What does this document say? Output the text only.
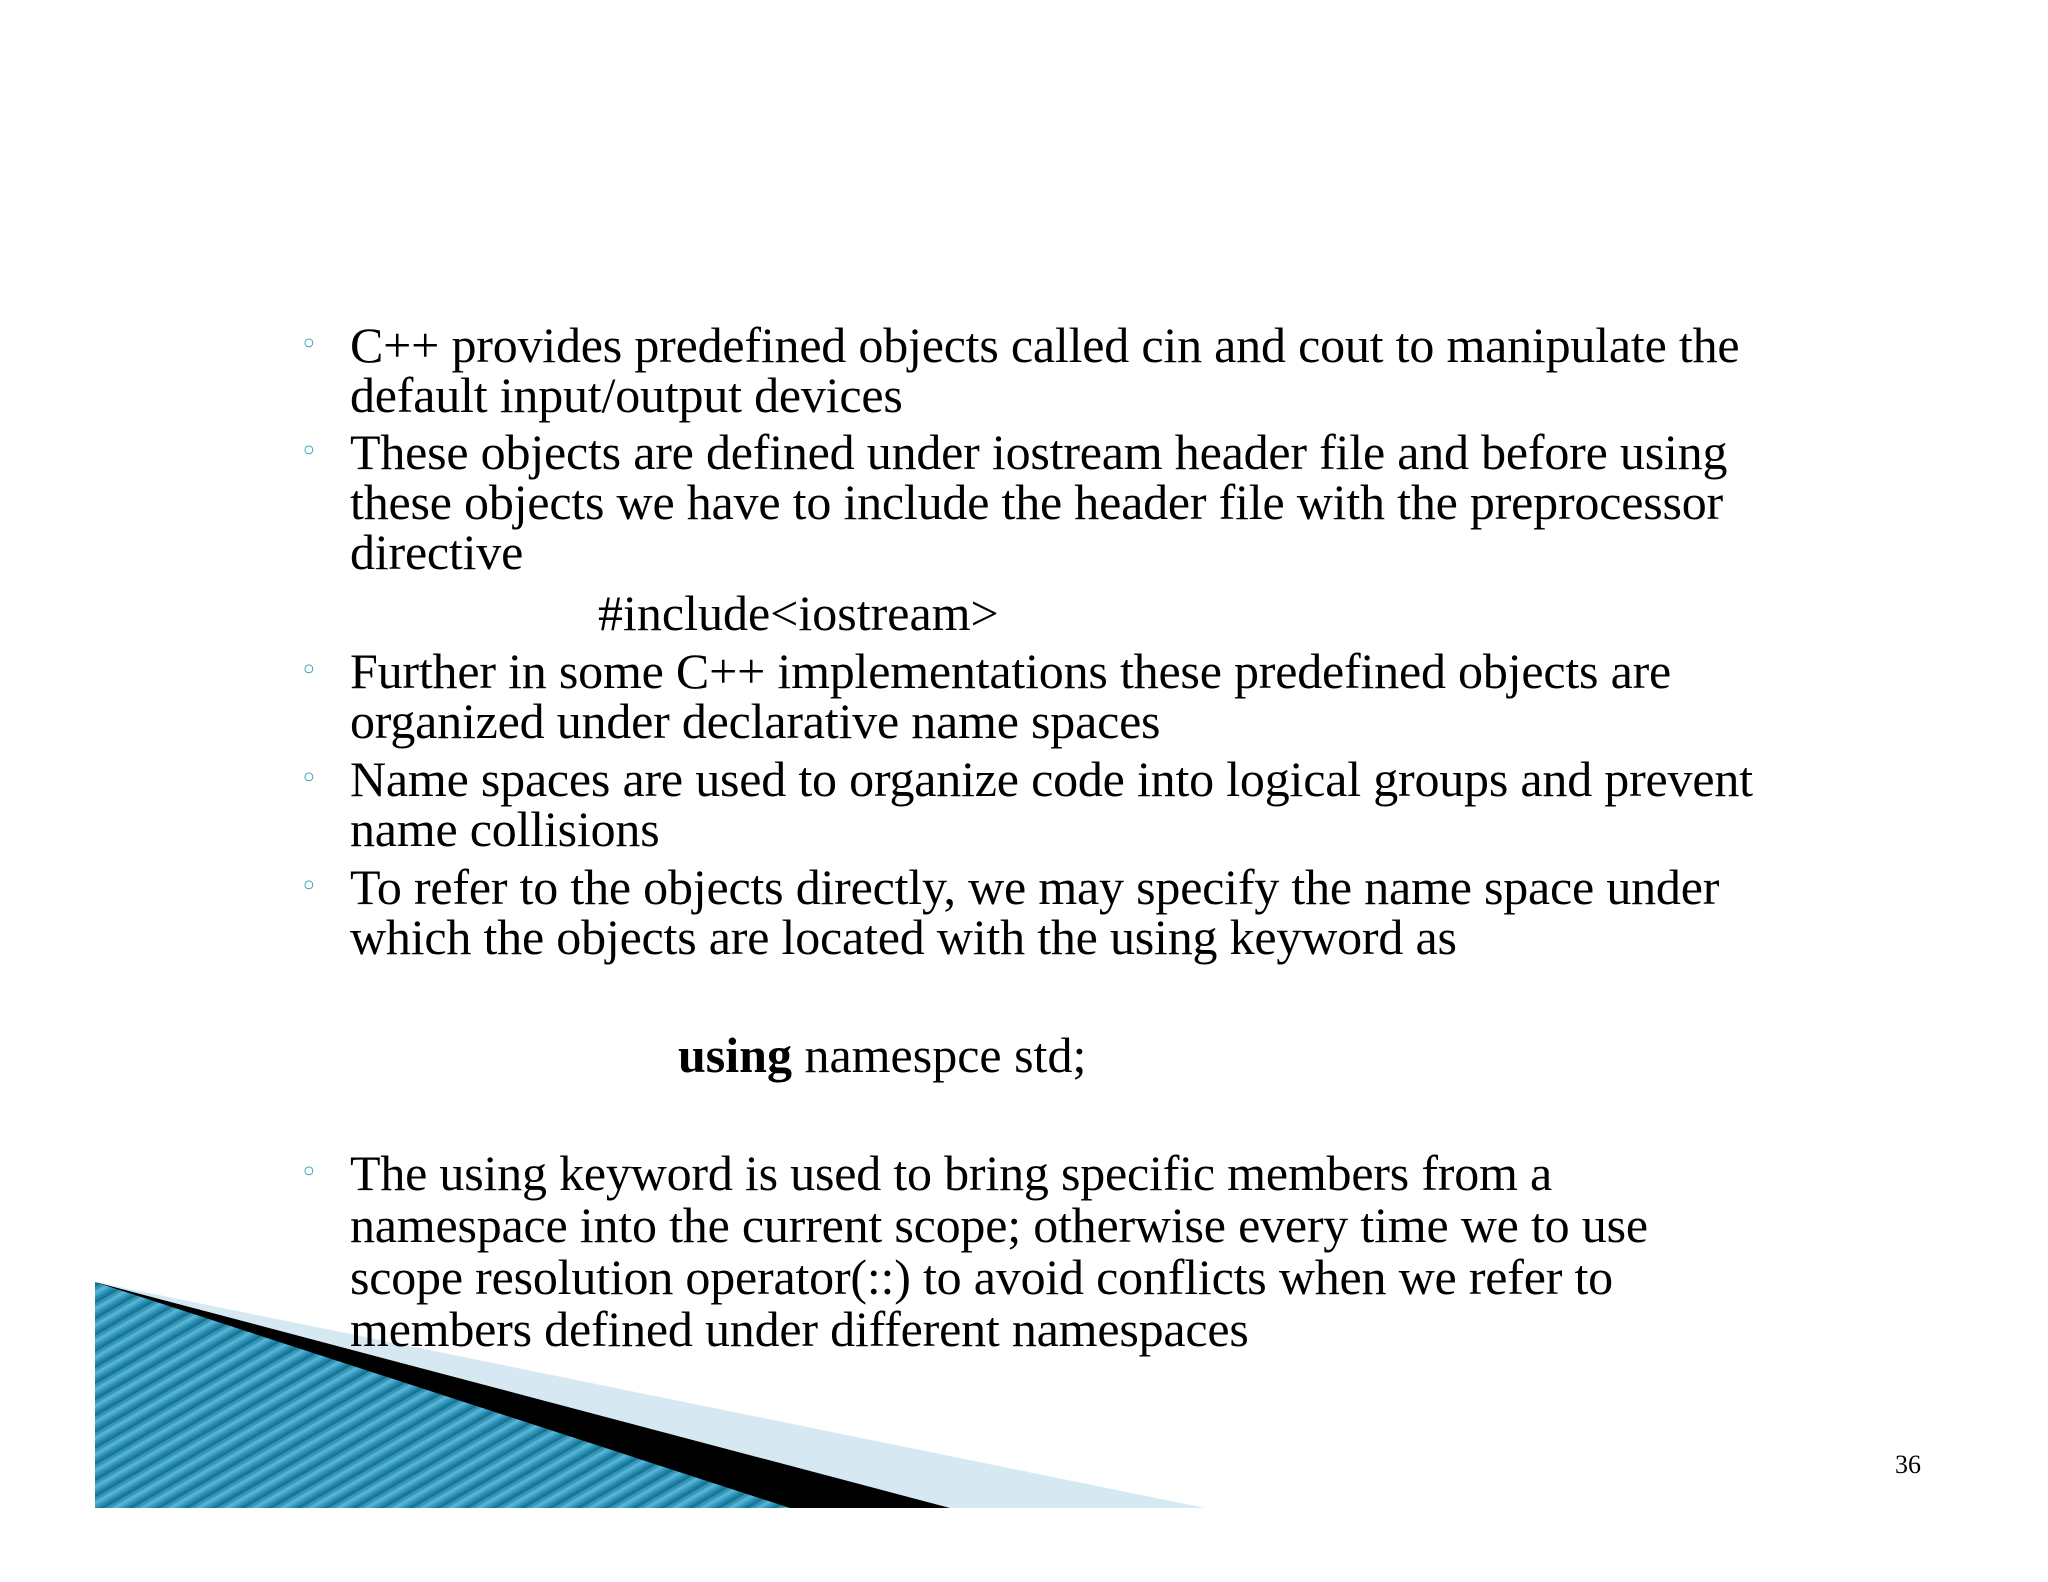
◦ C++ provides predefined objects called cin and cout to manipulate the
default input/output devices
◦ These objects are defined under iostream header file and before using
these objects we have to include the header file with the preprocessor
directive
#include<iostream>
◦ Further in some C++ implementations these predefined objects are
organized under declarative name spaces
◦ Name spaces are used to organize code into logical groups and prevent
name collisions
◦ To refer to the objects directly, we may specify the name space under
which the objects are located with the using keyword as
using namespce std;
◦ The using keyword is used to bring specific members from a
namespace into the current scope; otherwise every time we to use
scope resolution operator(::) to avoid conflicts when we refer to
members defined under different namespaces
36
